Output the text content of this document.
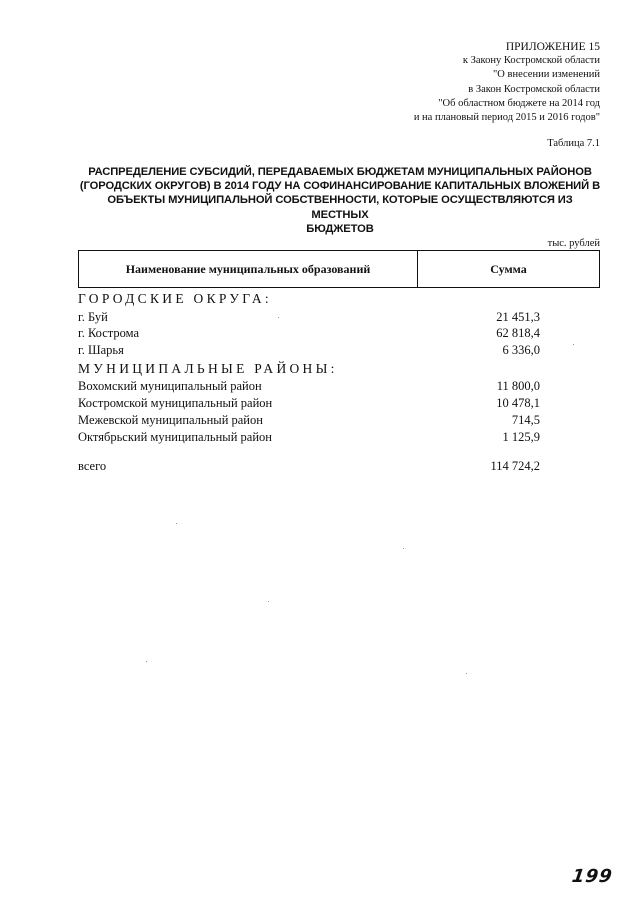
ПРИЛОЖЕНИЕ 15
к Закону Костромской области
"О внесении изменений
в Закон Костромской области
"Об областном бюджете на 2014 год
и на плановый период 2015 и 2016 годов"
Таблица 7.1
РАСПРЕДЕЛЕНИЕ СУБСИДИЙ, ПЕРЕДАВАЕМЫХ БЮДЖЕТАМ МУНИЦИПАЛЬНЫХ РАЙОНОВ
(ГОРОДСКИХ ОКРУГОВ) В 2014 ГОДУ НА СОФИНАНСИРОВАНИЕ КАПИТАЛЬНЫХ ВЛОЖЕНИЙ В
ОБЪЕКТЫ МУНИЦИПАЛЬНОЙ СОБСТВЕННОСТИ, КОТОРЫЕ ОСУЩЕСТВЛЯЮТСЯ ИЗ МЕСТНЫХ
БЮДЖЕТОВ
тыс. рублей
Наименование муниципальных образований	Сумма
ГОРОДСКИЕ ОКРУГА:
г. Буй	21 451,3
г. Кострома	62 818,4
г. Шарья	6 336,0
МУНИЦИПАЛЬНЫЕ РАЙОНЫ:
Вохомский муниципальный район	11 800,0
Костромской муниципальный район	10 478,1
Межевской муниципальный район	714,5
Октябрьский муниципальный район	1 125,9
всего	114 724,2
199
